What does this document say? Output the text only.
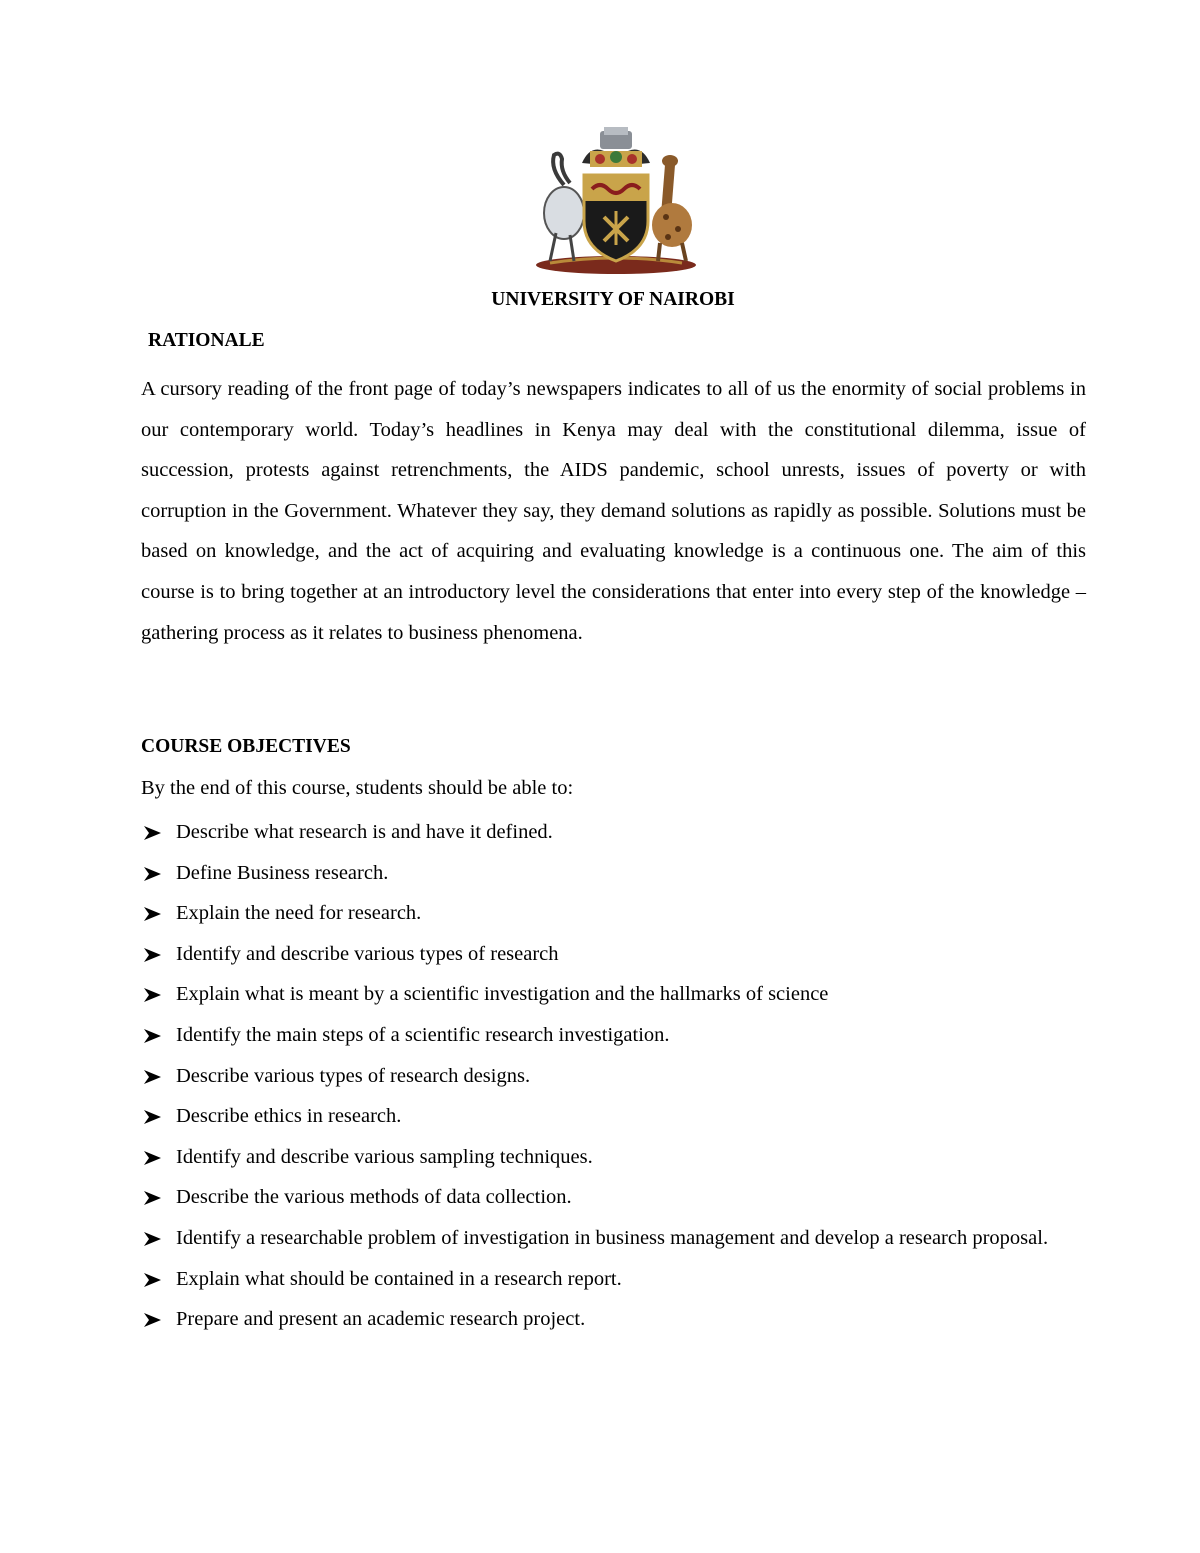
UNIVERSITY OF NAIROBI
RATIONALE

A cursory reading of the front page of today’s newspapers indicates to all of us the enormity of social problems in our contemporary world. Today’s headlines in Kenya may deal with the constitutional dilemma, issue of succession, protests against retrenchments, the AIDS pandemic, school unrests, issues of poverty or with corruption in the Government. Whatever they say, they demand solutions as rapidly as possible. Solutions must be based on knowledge, and the act of acquiring and evaluating knowledge is a continuous one. The aim of this course is to bring together at an introductory level the considerations that enter into every step of the knowledge – gathering process as it relates to business phenomena.

COURSE OBJECTIVES

By the end of this course, students should be able to:

Describe what research is and have it defined.
Define Business research.
Explain the need for research.
Identify and describe various types of research
Explain what is meant by a scientific investigation and the hallmarks of science
Identify the main steps of a scientific research investigation.
Describe various types of research designs.
Describe ethics in research.
Identify and describe various sampling techniques.
Describe the various methods of data collection.
Identify a researchable problem of investigation in business management and develop a research proposal.
Explain what should be contained in a research report.
Prepare and present an academic research project.
